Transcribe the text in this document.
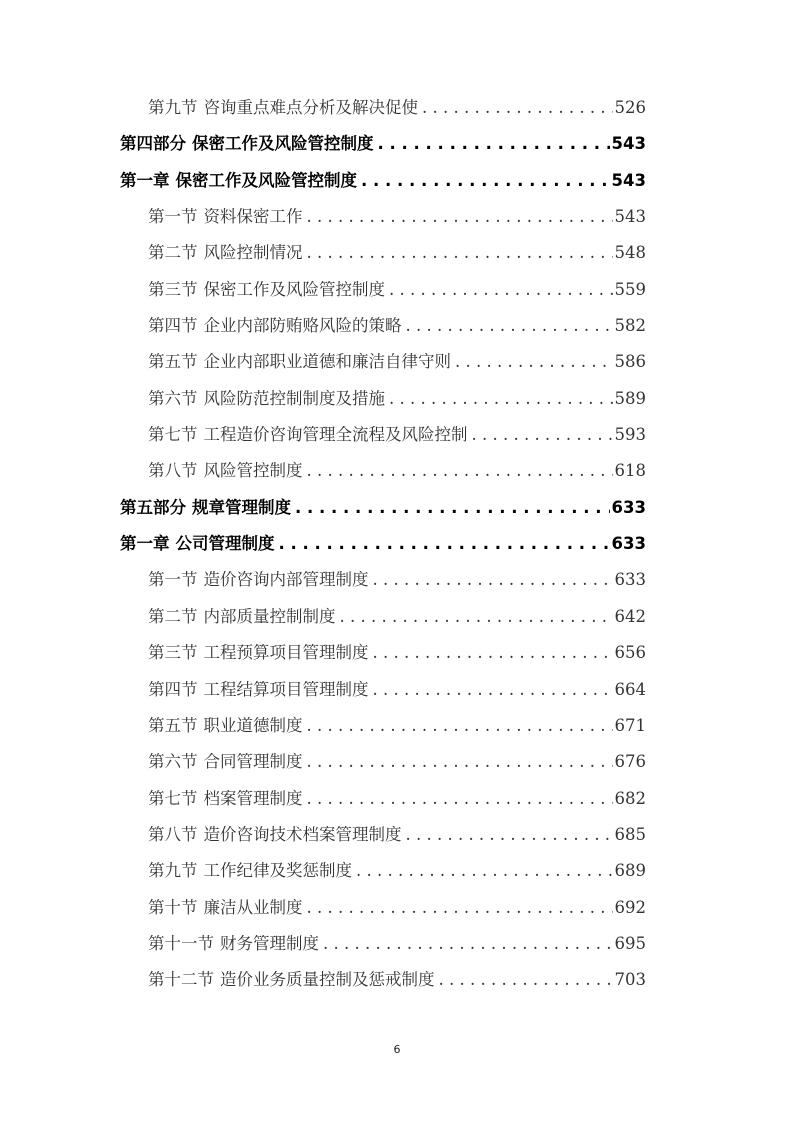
第九节 咨询重点难点分析及解决促使 . . .	526
第四部分 保密工作及风险管控制度 . . .	543
第一章 保密工作及风险管控制度 . . .	543
第一节 资料保密工作 . . .	543
第二节 风险控制情况 . . .	548
第三节 保密工作及风险管控制度 . . .	559
第四节 企业内部防贿赂风险的策略 . . .	582
第五节 企业内部职业道德和廉洁自律守则 . . .	586
第六节 风险防范控制制度及措施 . . .	589
第七节 工程造价咨询管理全流程及风险控制 . . .	593
第八节 风险管控制度 . . .	618
第五部分 规章管理制度 . . .	633
第一章 公司管理制度 . . .	633
第一节 造价咨询内部管理制度 . . .	633
第二节 内部质量控制制度 . . .	642
第三节 工程预算项目管理制度 . . .	656
第四节 工程结算项目管理制度 . . .	664
第五节 职业道德制度 . . .	671
第六节 合同管理制度 . . .	676
第七节 档案管理制度 . . .	682
第八节 造价咨询技术档案管理制度 . . .	685
第九节 工作纪律及奖惩制度 . . .	689
第十节 廉洁从业制度 . . .	692
第十一节 财务管理制度 . . .	695
第十二节 造价业务质量控制及惩戒制度 . . .	703
6
